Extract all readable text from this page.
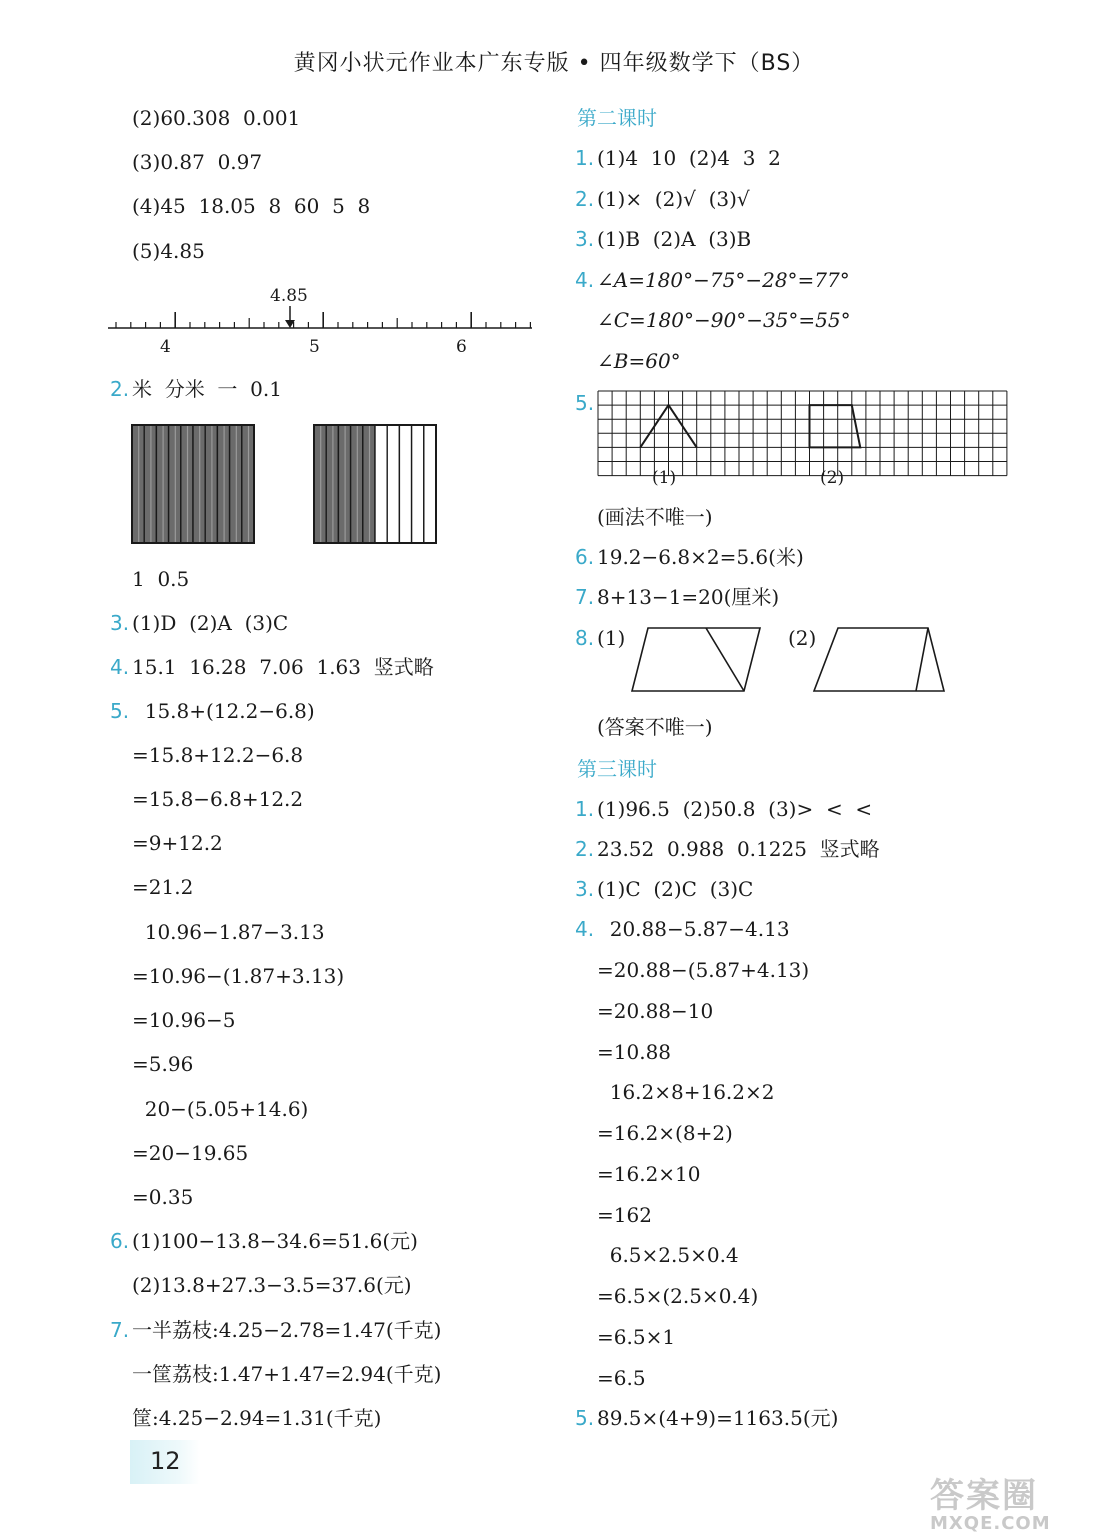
黄冈小状元作业本广东专版 • 四年级数学下（BS）
(2)60.308  0.001
(3)0.87  0.97
(4)45  18.05  8  60  5  8
(5)4.85
4.85
4	5	6
2. 米  分米  一  0.1
1  0.5
3. (1)D  (2)A  (3)C
4. 15.1  16.28  7.06  1.63  竖式略
5. 15.8+(12.2−6.8)
=15.8+12.2−6.8
=15.8−6.8+12.2
=9+12.2
=21.2
10.96−1.87−3.13
=10.96−(1.87+3.13)
=10.96−5
=5.96
20−(5.05+14.6)
=20−19.65
=0.35
6. (1)100−13.8−34.6=51.6(元)
(2)13.8+27.3−3.5=37.6(元)
7. 一半荔枝:4.25−2.78=1.47(千克)
一筐荔枝:1.47+1.47=2.94(千克)
筐:4.25−2.94=1.31(千克)
第二课时
1. (1)4  10  (2)4  3  2
2. (1)×  (2)√  (3)√
3. (1)B  (2)A  (3)B
4. ∠A=180°−75°−28°=77°
∠C=180°−90°−35°=55°
∠B=60°
5.
(1)	(2)
(画法不唯一)
6. 19.2−6.8×2=5.6(米)
7. 8+13−1=20(厘米)
8. (1)	(2)
(答案不唯一)
第三课时
1. (1)96.5  (2)50.8  (3)>  <  <
2. 23.52  0.988  0.1225  竖式略
3. (1)C  (2)C  (3)C
4. 20.88−5.87−4.13
=20.88−(5.87+4.13)
=20.88−10
=10.88
16.2×8+16.2×2
=16.2×(8+2)
=16.2×10
=162
6.5×2.5×0.4
=6.5×(2.5×0.4)
=6.5×1
=6.5
5. 89.5×(4+9)=1163.5(元)
12
答案圈
MXQE.COM
